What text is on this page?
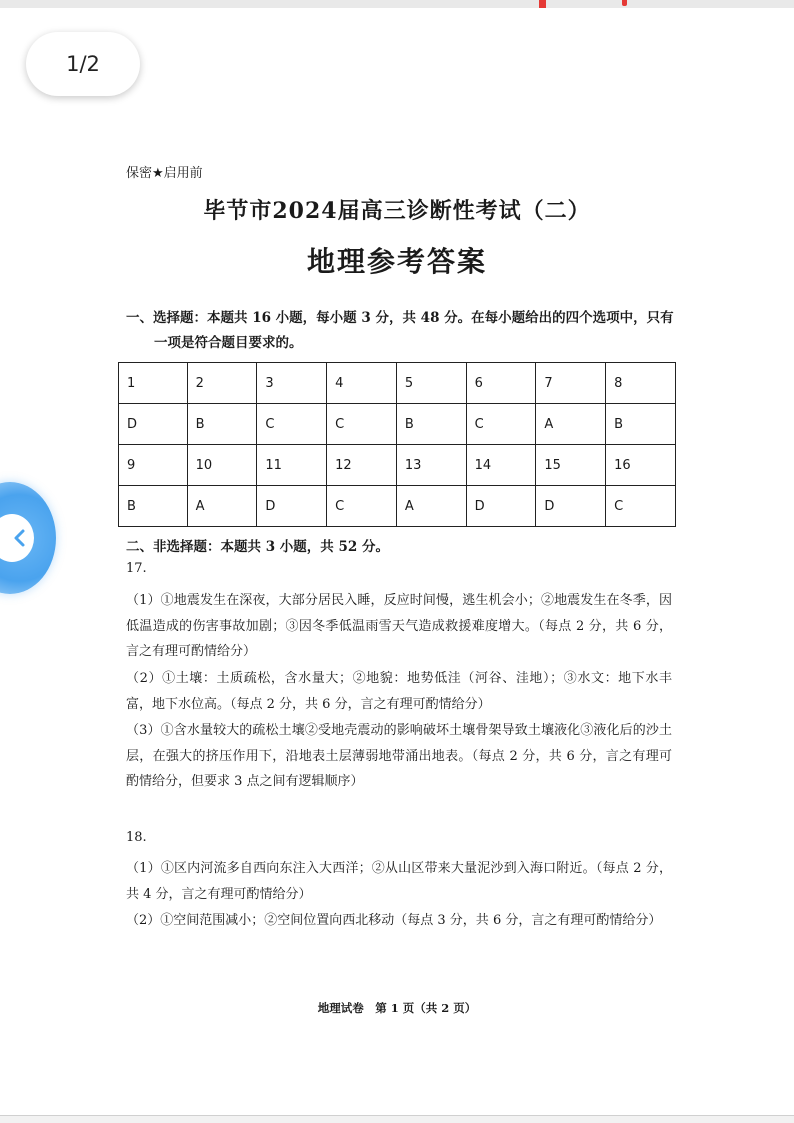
保密★启用前
毕节市2024届高三诊断性考试（二）
地理参考答案
一、选择题：本题共 16 小题，每小题 3 分，共 48 分。在每小题给出的四个选项中，只有
一项是符合题目要求的。
1	2	3	4	5	6	7	8
D	B	C	C	B	C	A	B
9	10	11	12	13	14	15	16
B	A	D	C	A	D	D	C
二、非选择题：本题共 3 小题，共 52 分。
17.
（1）①地震发生在深夜，大部分居民入睡，反应时间慢，逃生机会小；②地震发生在冬季，因低温造成的伤害事故加剧；③因冬季低温雨雪天气造成救援难度增大。（每点 2 分，共 6 分，言之有理可酌情给分）
（2）①土壤：土质疏松，含水量大；②地貌：地势低洼（河谷、洼地）；③水文：地下水丰富，地下水位高。（每点 2 分，共 6 分，言之有理可酌情给分）
（3）①含水量较大的疏松土壤②受地壳震动的影响破坏土壤骨架导致土壤液化③液化后的沙土层，在强大的挤压作用下，沿地表土层薄弱地带涌出地表。（每点 2 分，共 6 分，言之有理可酌情给分，但要求 3 点之间有逻辑顺序）
18.
（1）①区内河流多自西向东注入大西洋；②从山区带来大量泥沙到入海口附近。（每点 2 分，共 4 分，言之有理可酌情给分）
（2）①空间范围减小；②空间位置向西北移动（每点 3 分，共 6 分，言之有理可酌情给分）
地理试卷　第 1 页（共 2 页）
1/2
